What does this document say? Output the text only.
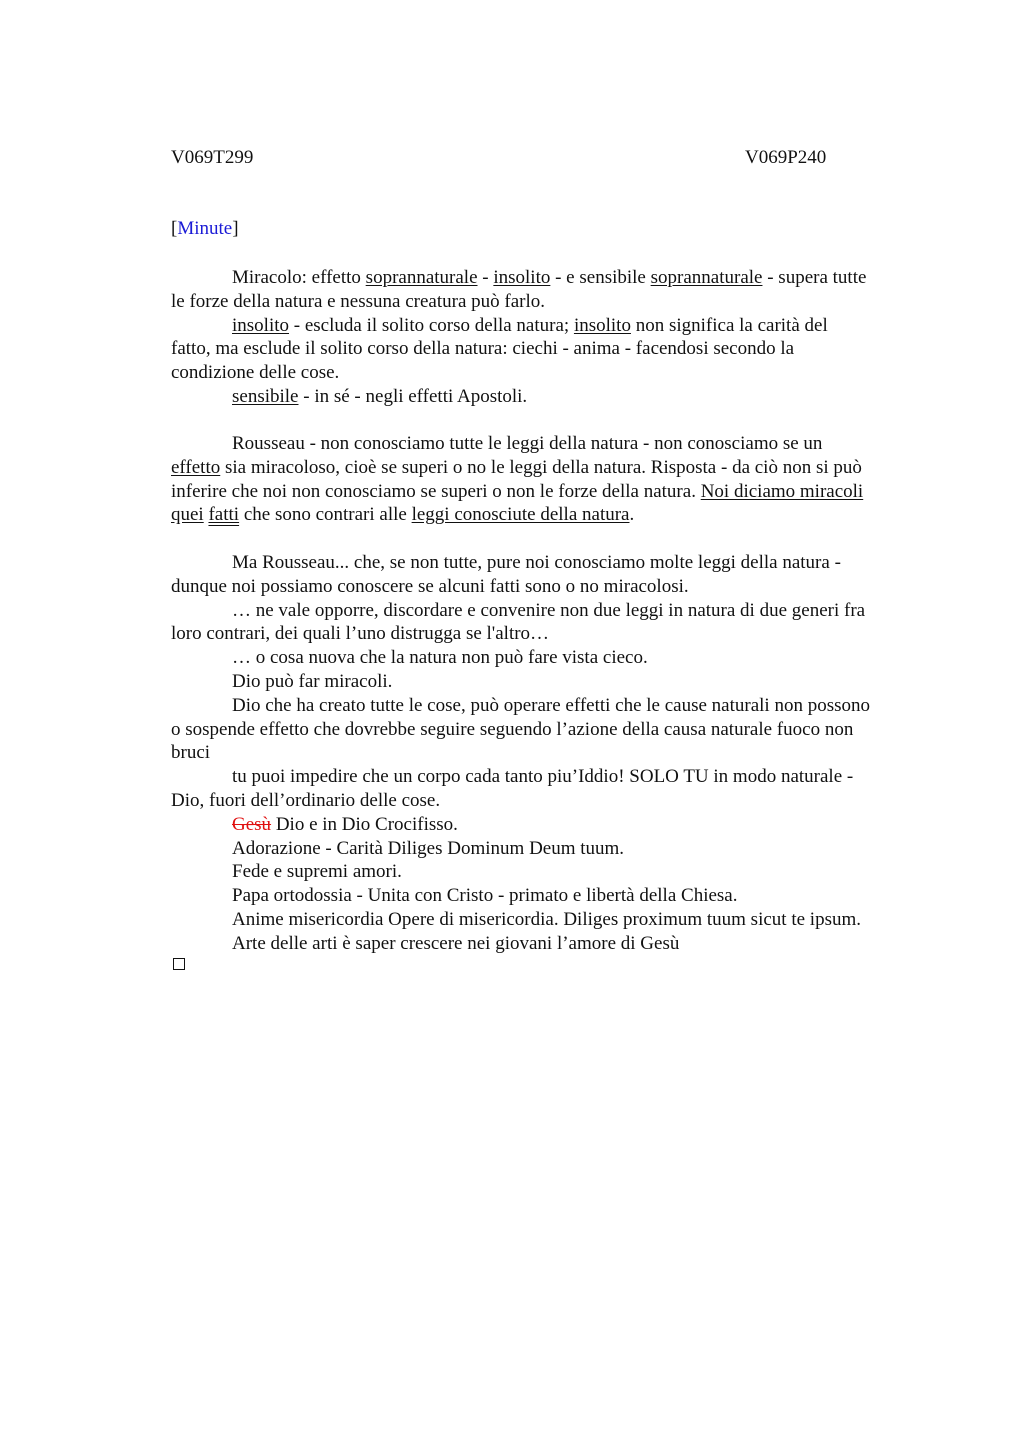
V069T299	V069P240
[Minute]
Miracolo: effetto soprannaturale - insolito - e sensibile soprannaturale - supera tutte
le forze della natura e nessuna creatura può farlo.
insolito - escluda il solito corso della natura; insolito non significa la carità del
fatto, ma esclude il solito corso della natura: ciechi - anima - facendosi secondo la
condizione delle cose.
sensibile - in sé - negli effetti Apostoli.
Rousseau - non conosciamo tutte le leggi della natura - non conosciamo se un
effetto sia miracoloso, cioè se superi o no le leggi della natura. Risposta - da ciò non si può
inferire che noi non conosciamo se superi o non le forze della natura. Noi diciamo miracoli
quei fatti che sono contrari alle leggi conosciute della natura.
Ma Rousseau... che, se non tutte, pure noi conosciamo molte leggi della natura -
dunque noi possiamo conoscere se alcuni fatti sono o no miracolosi.
… ne vale opporre, discordare e convenire non due leggi in natura di due generi fra
loro contrari, dei quali l’uno distrugga se l'altro…
… o cosa nuova che la natura non può fare vista cieco.
Dio può far miracoli.
Dio che ha creato tutte le cose, può operare effetti che le cause naturali non possono
o sospende effetto che dovrebbe seguire seguendo l’azione della causa naturale fuoco non
bruci
tu puoi impedire che un corpo cada tanto piu’Iddio! SOLO TU in modo naturale -
Dio, fuori dell’ordinario delle cose.
Gesù Dio e in Dio Crocifisso.
Adorazione - Carità Diliges Dominum Deum tuum.
Fede e supremi amori.
Papa ortodossia - Unita con Cristo - primato e libertà della Chiesa.
Anime misericordia Opere di misericordia. Diliges proximum tuum sicut te ipsum.
Arte delle arti è saper crescere nei giovani l’amore di Gesù
